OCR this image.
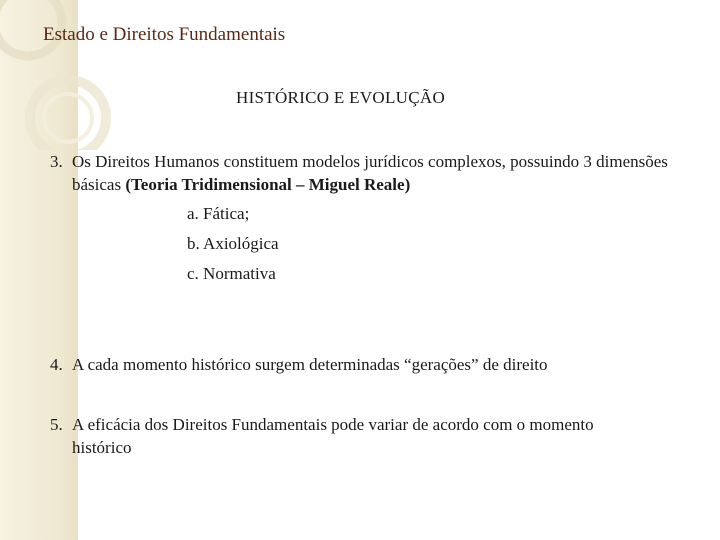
Estado e Direitos Fundamentais
HISTÓRICO E EVOLUÇÃO
3. Os Direitos Humanos constituem modelos jurídicos complexos, possuindo 3 dimensões básicas (Teoria Tridimensional – Miguel Reale)
a. Fática;
b. Axiológica
c. Normativa
4. A cada momento histórico surgem determinadas “gerações” de direito
5. A eficácia dos Direitos Fundamentais pode variar de acordo com o momento histórico
